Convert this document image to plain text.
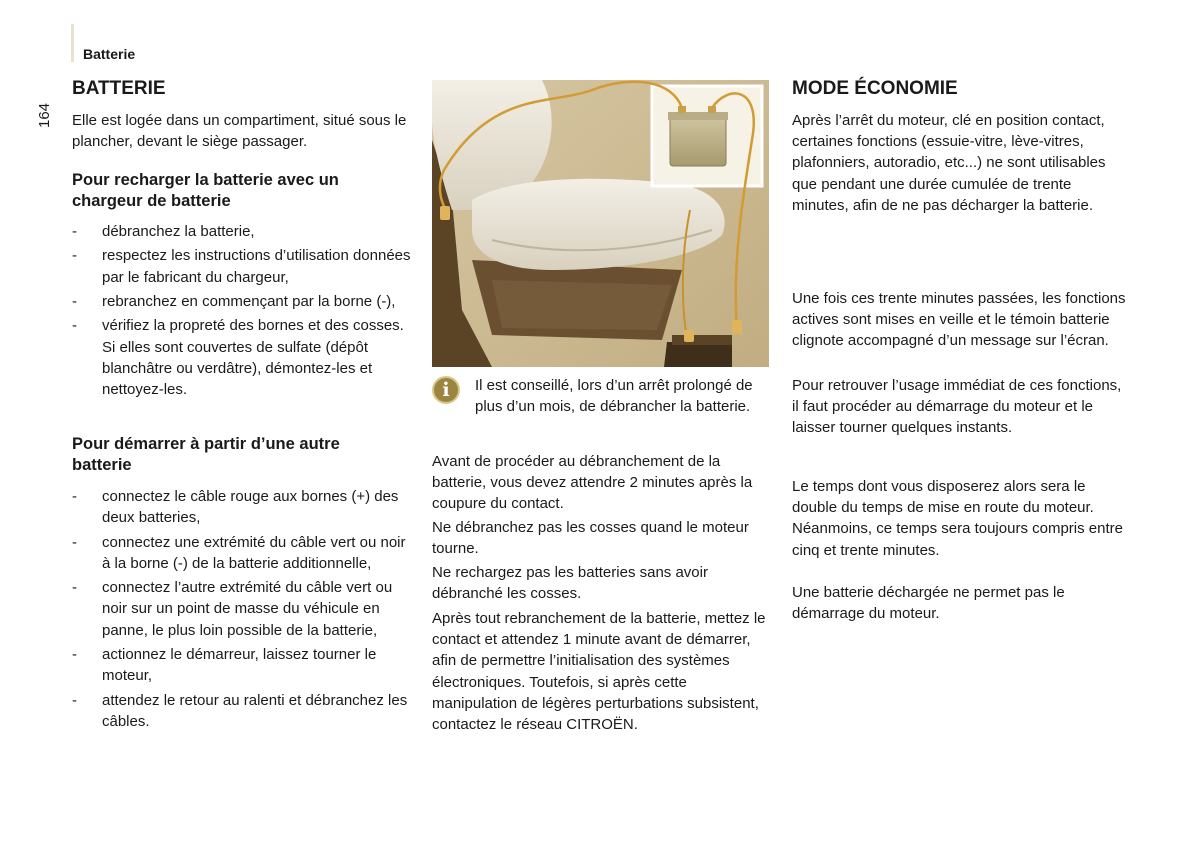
Batterie
164
BATTERIE

Elle est logée dans un compartiment, situé sous le plancher, devant le siège passager.

Pour recharger la batterie avec un chargeur de batterie
- débranchez la batterie,
- respectez les instructions d’utilisation données par le fabricant du chargeur,
- rebranchez en commençant par la borne (-),
- vérifiez la propreté des bornes et des cosses. Si elles sont couvertes de sulfate (dépôt blanchâtre ou verdâtre), démontez-les et nettoyez-les.
Pour démarrer à partir d’une autre batterie
- connectez le câble rouge aux bornes (+) des deux batteries,
- connectez une extrémité du câble vert ou noir à la borne (-) de la batterie additionnelle,
- connectez l’autre extrémité du câble vert ou noir sur un point de masse du véhicule en panne, le plus loin possible de la batterie,
- actionnez le démarreur, laissez tourner le moteur,
- attendez le retour au ralenti et débranchez les câbles.
i	Il est conseillé, lors d’un arrêt prolongé de plus d’un mois, de débrancher la batterie.

Avant de procéder au débranchement de la batterie, vous devez attendre 2 minutes après la coupure du contact.

Ne débranchez pas les cosses quand le moteur tourne.

Ne rechargez pas les batteries sans avoir débranché les cosses.

Après tout rebranchement de la batterie, mettez le contact et attendez 1 minute avant de démarrer, afin de permettre l’initialisation des systèmes électroniques. Toutefois, si après cette manipulation de légères perturbations subsistent, contactez le réseau CITROËN.

MODE ÉCONOMIE

Après l’arrêt du moteur, clé en position contact, certaines fonctions (essuie-vitre, lève-vitres, plafonniers, autoradio, etc...) ne sont utilisables que pendant une durée cumulée de trente minutes, afin de ne pas décharger la batterie.

Une fois ces trente minutes passées, les fonctions actives sont mises en veille et le témoin batterie clignote accompagné d’un message sur l’écran.

Pour retrouver l’usage immédiat de ces fonctions, il faut procéder au démarrage du moteur et le laisser tourner quelques instants.

Le temps dont vous disposerez alors sera le double du temps de mise en route du moteur. Néanmoins, ce temps sera toujours compris entre cinq et trente minutes.

Une batterie déchargée ne permet pas le démarrage du moteur.
